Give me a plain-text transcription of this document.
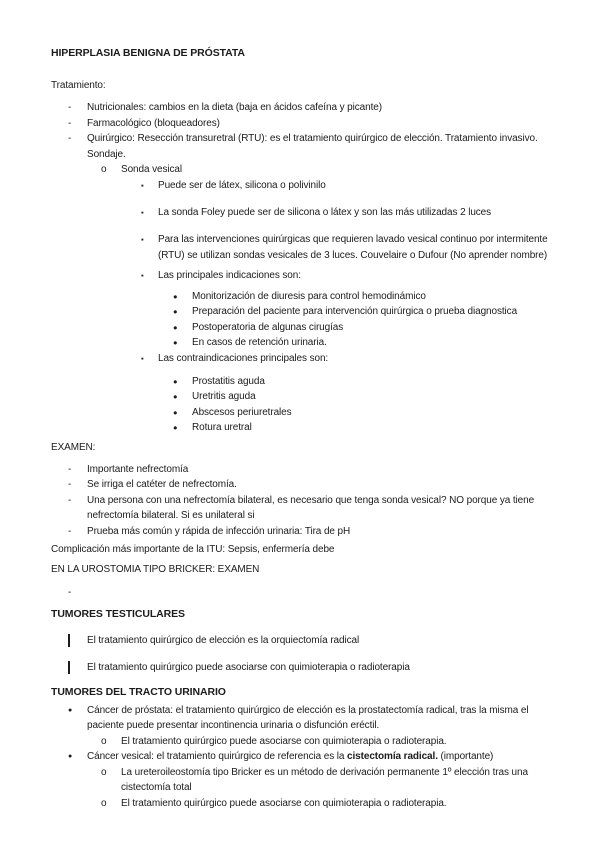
HIPERPLASIA BENIGNA DE PRÓSTATA

Tratamiento:

-	Nutricionales: cambios en la dieta (baja en ácidos cafeína y picante)
-	Farmacológico (bloqueadores)
-	Quirúrgico: Resección transuretral (RTU): es el tratamiento quirúrgico de elección. Tratamiento invasivo. Sondaje.
o	Sonda vesical
▪	Puede ser de látex, silicona o polivinilo
▪	La sonda Foley puede ser de silicona o látex y son las más utilizadas 2 luces
▪	Para las intervenciones quirúrgicas que requieren lavado vesical continuo por intermitente (RTU) se utilizan sondas vesicales de 3 luces. Couvelaire o Dufour (No aprender nombre)
▪	Las principales indicaciones son:
●	Monitorización de diuresis para control hemodinámico
●	Preparación del paciente para intervención quirúrgica o prueba diagnostica
●	Postoperatoria de algunas cirugías
●	En casos de retención urinaria.
▪	Las contraindicaciones principales son:
●	Prostatitis aguda
●	Uretritis aguda
●	Abscesos periuretrales
●	Rotura uretral

EXAMEN:

-	Importante nefrectomía
-	Se irriga el catéter de nefrectomía.
-	Una persona con una nefrectomía bilateral, es necesario que tenga sonda vesical? NO porque ya tiene nefrectomía bilateral. Si es unilateral si
-	Prueba más común y rápida de infección urinaria: Tira de pH

Complicación más importante de la ITU: Sepsis, enfermería debe

EN LA UROSTOMIA TIPO BRICKER: EXAMEN

-
TUMORES TESTICULARES
El tratamiento quirúrgico de elección es la orquiectomía radical
El tratamiento quirúrgico puede asociarse con quimioterapia o radioterapia
TUMORES DEL TRACTO URINARIO
●	Cáncer de próstata: el tratamiento quirúrgico de elección es la prostatectomía radical, tras la misma el paciente puede presentar incontinencia urinaria o disfunción eréctil.
o	El tratamiento quirúrgico puede asociarse con quimioterapia o radioterapia.
●	Cáncer vesical: el tratamiento quirúrgico de referencia es la cistectomía radical. (importante)
o	La ureteroileostomía tipo Bricker es un método de derivación permanente 1º elección tras una cistectomía total
o	El tratamiento quirúrgico puede asociarse con quimioterapia o radioterapia.
